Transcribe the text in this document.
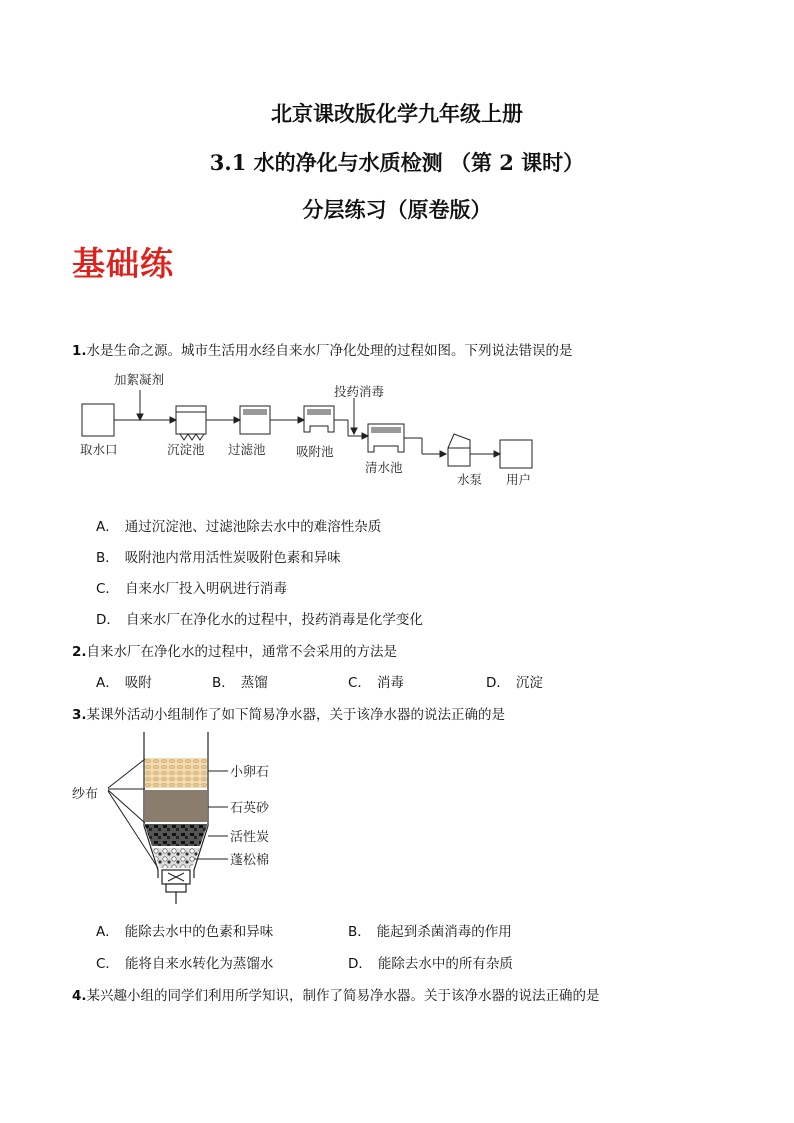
北京课改版化学九年级上册
3.1 水的净化与水质检测 （第 2 课时）
分层练习（原卷版）
基础练
1.水是生命之源。城市生活用水经自来水厂净化处理的过程如图。下列说法错误的是
加絮凝剂
投药消毒
取水口	沉淀池 过滤池 吸附池
清水池
水泵 用户
A． 通过沉淀池、过滤池除去水中的难溶性杂质
B． 吸附池内常用活性炭吸附色素和异味
C． 自来水厂投入明矾进行消毒
D． 自来水厂在净化水的过程中，投药消毒是化学变化
2.自来水厂在净化水的过程中，通常不会采用的方法是
A． 吸附	B． 蒸馏	C． 消毒	D． 沉淀
3.某课外活动小组制作了如下简易净水器，关于该净水器的说法正确的是
纱布
小卵石
石英砂
活性炭
蓬松棉
A． 能除去水中的色素和异味	B． 能起到杀菌消毒的作用
C． 能将自来水转化为蒸馏水	D． 能除去水中的所有杂质
4.某兴趣小组的同学们利用所学知识，制作了简易净水器。关于该净水器的说法正确的是
